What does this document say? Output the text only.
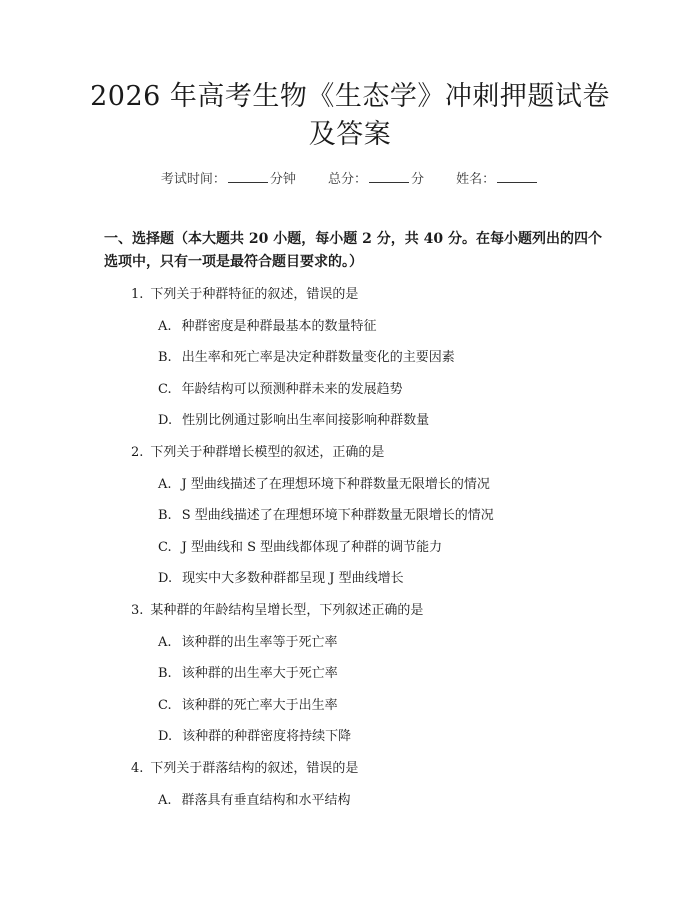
2026 年高考生物《生态学》冲刺押题试卷及答案
考试时间：	分钟 总分：	分 姓名：
一、选择题（本大题共 20 小题，每小题 2 分，共 40 分。在每小题列出的四个选项中，只有一项是最符合题目要求的。）
1. 下列关于种群特征的叙述，错误的是
A. 种群密度是种群最基本的数量特征
B. 出生率和死亡率是决定种群数量变化的主要因素
C. 年龄结构可以预测种群未来的发展趋势
D. 性别比例通过影响出生率间接影响种群数量
2. 下列关于种群增长模型的叙述，正确的是
A. J 型曲线描述了在理想环境下种群数量无限增长的情况
B. S 型曲线描述了在理想环境下种群数量无限增长的情况
C. J 型曲线和 S 型曲线都体现了种群的调节能力
D. 现实中大多数种群都呈现 J 型曲线增长
3. 某种群的年龄结构呈增长型，下列叙述正确的是
A. 该种群的出生率等于死亡率
B. 该种群的出生率大于死亡率
C. 该种群的死亡率大于出生率
D. 该种群的种群密度将持续下降
4. 下列关于群落结构的叙述，错误的是
A. 群落具有垂直结构和水平结构
